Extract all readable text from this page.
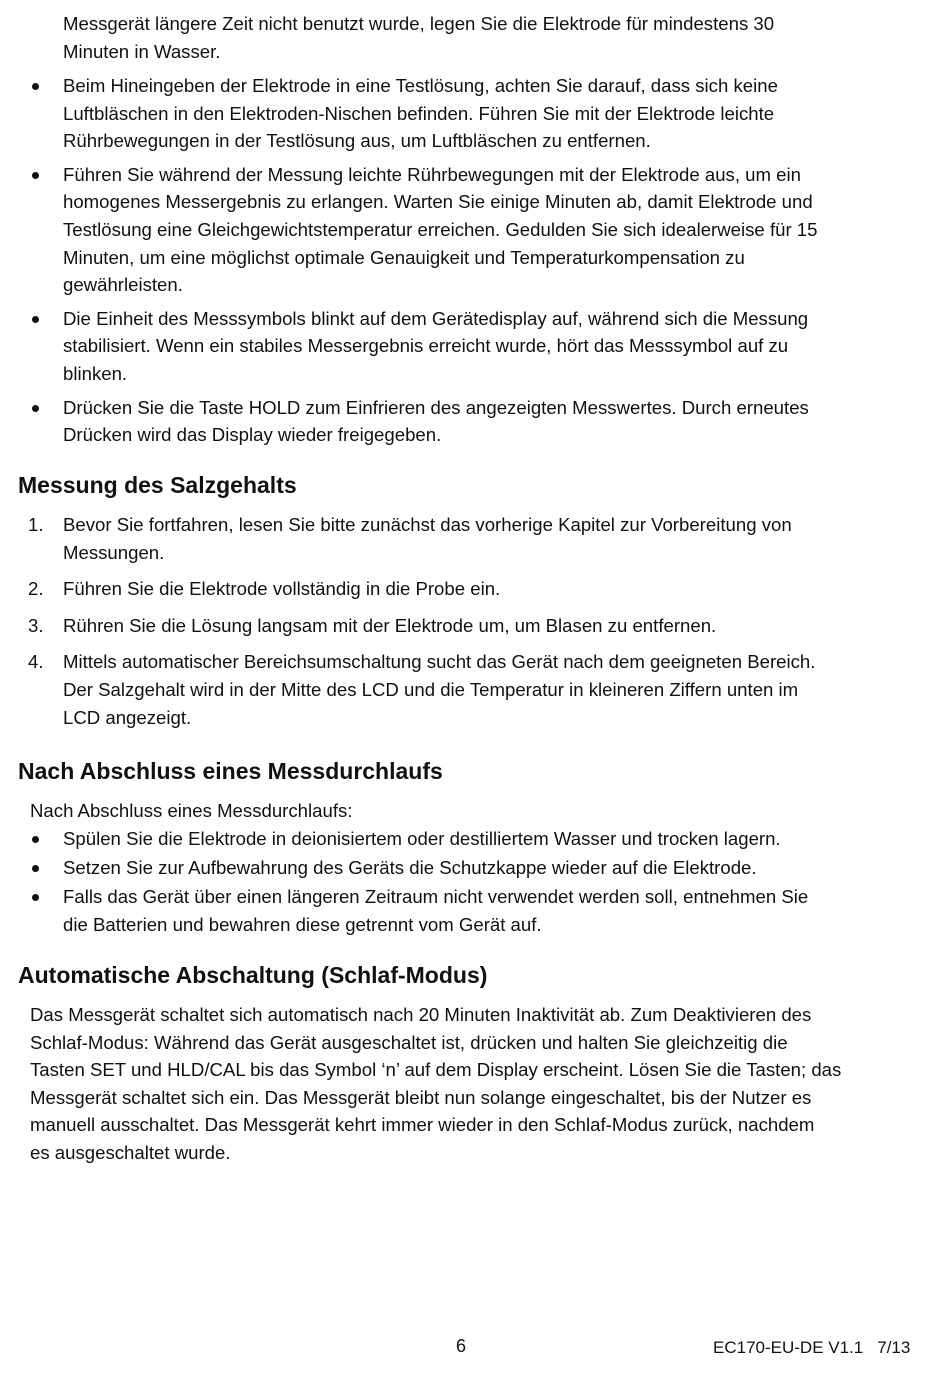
Messgerät längere Zeit nicht benutzt wurde, legen Sie die Elektrode für mindestens 30
Minuten in Wasser.
Beim Hineingeben der Elektrode in eine Testlösung, achten Sie darauf, dass sich keine
Luftbläschen in den Elektroden-Nischen befinden. Führen Sie mit der Elektrode leichte
Rührbewegungen in der Testlösung aus, um Luftbläschen zu entfernen.
Führen Sie während der Messung leichte Rührbewegungen mit der Elektrode aus, um ein
homogenes Messergebnis zu erlangen. Warten Sie einige Minuten ab, damit Elektrode und
Testlösung eine Gleichgewichtstemperatur erreichen. Gedulden Sie sich idealerweise für 15
Minuten, um eine möglichst optimale Genauigkeit und Temperaturkompensation zu
gewährleisten.
Die Einheit des Messsymbols blinkt auf dem Gerätedisplay auf, während sich die Messung
stabilisiert. Wenn ein stabiles Messergebnis erreicht wurde, hört das Messsymbol auf zu
blinken.
Drücken Sie die Taste HOLD zum Einfrieren des angezeigten Messwertes. Durch erneutes
Drücken wird das Display wieder freigegeben.
Messung des Salzgehalts
1. Bevor Sie fortfahren, lesen Sie bitte zunächst das vorherige Kapitel zur Vorbereitung von
Messungen.
2. Führen Sie die Elektrode vollständig in die Probe ein.
3. Rühren Sie die Lösung langsam mit der Elektrode um, um Blasen zu entfernen.
4. Mittels automatischer Bereichsumschaltung sucht das Gerät nach dem geeigneten Bereich.
Der Salzgehalt wird in der Mitte des LCD und die Temperatur in kleineren Ziffern unten im
LCD angezeigt.
Nach Abschluss eines Messdurchlaufs
Nach Abschluss eines Messdurchlaufs:
Spülen Sie die Elektrode in deionisiertem oder destilliertem Wasser und trocken lagern.
Setzen Sie zur Aufbewahrung des Geräts die Schutzkappe wieder auf die Elektrode.
Falls das Gerät über einen längeren Zeitraum nicht verwendet werden soll, entnehmen Sie
die Batterien und bewahren diese getrennt vom Gerät auf.
Automatische Abschaltung (Schlaf-Modus)
Das Messgerät schaltet sich automatisch nach 20 Minuten Inaktivität ab. Zum Deaktivieren des
Schlaf-Modus: Während das Gerät ausgeschaltet ist, drücken und halten Sie gleichzeitig die
Tasten SET und HLD/CAL bis das Symbol ‘n’ auf dem Display erscheint. Lösen Sie die Tasten; das
Messgerät schaltet sich ein. Das Messgerät bleibt nun solange eingeschaltet, bis der Nutzer es
manuell ausschaltet. Das Messgerät kehrt immer wieder in den Schlaf-Modus zurück, nachdem
es ausgeschaltet wurde.
6	EC170-EU-DE V1.1 7/13
